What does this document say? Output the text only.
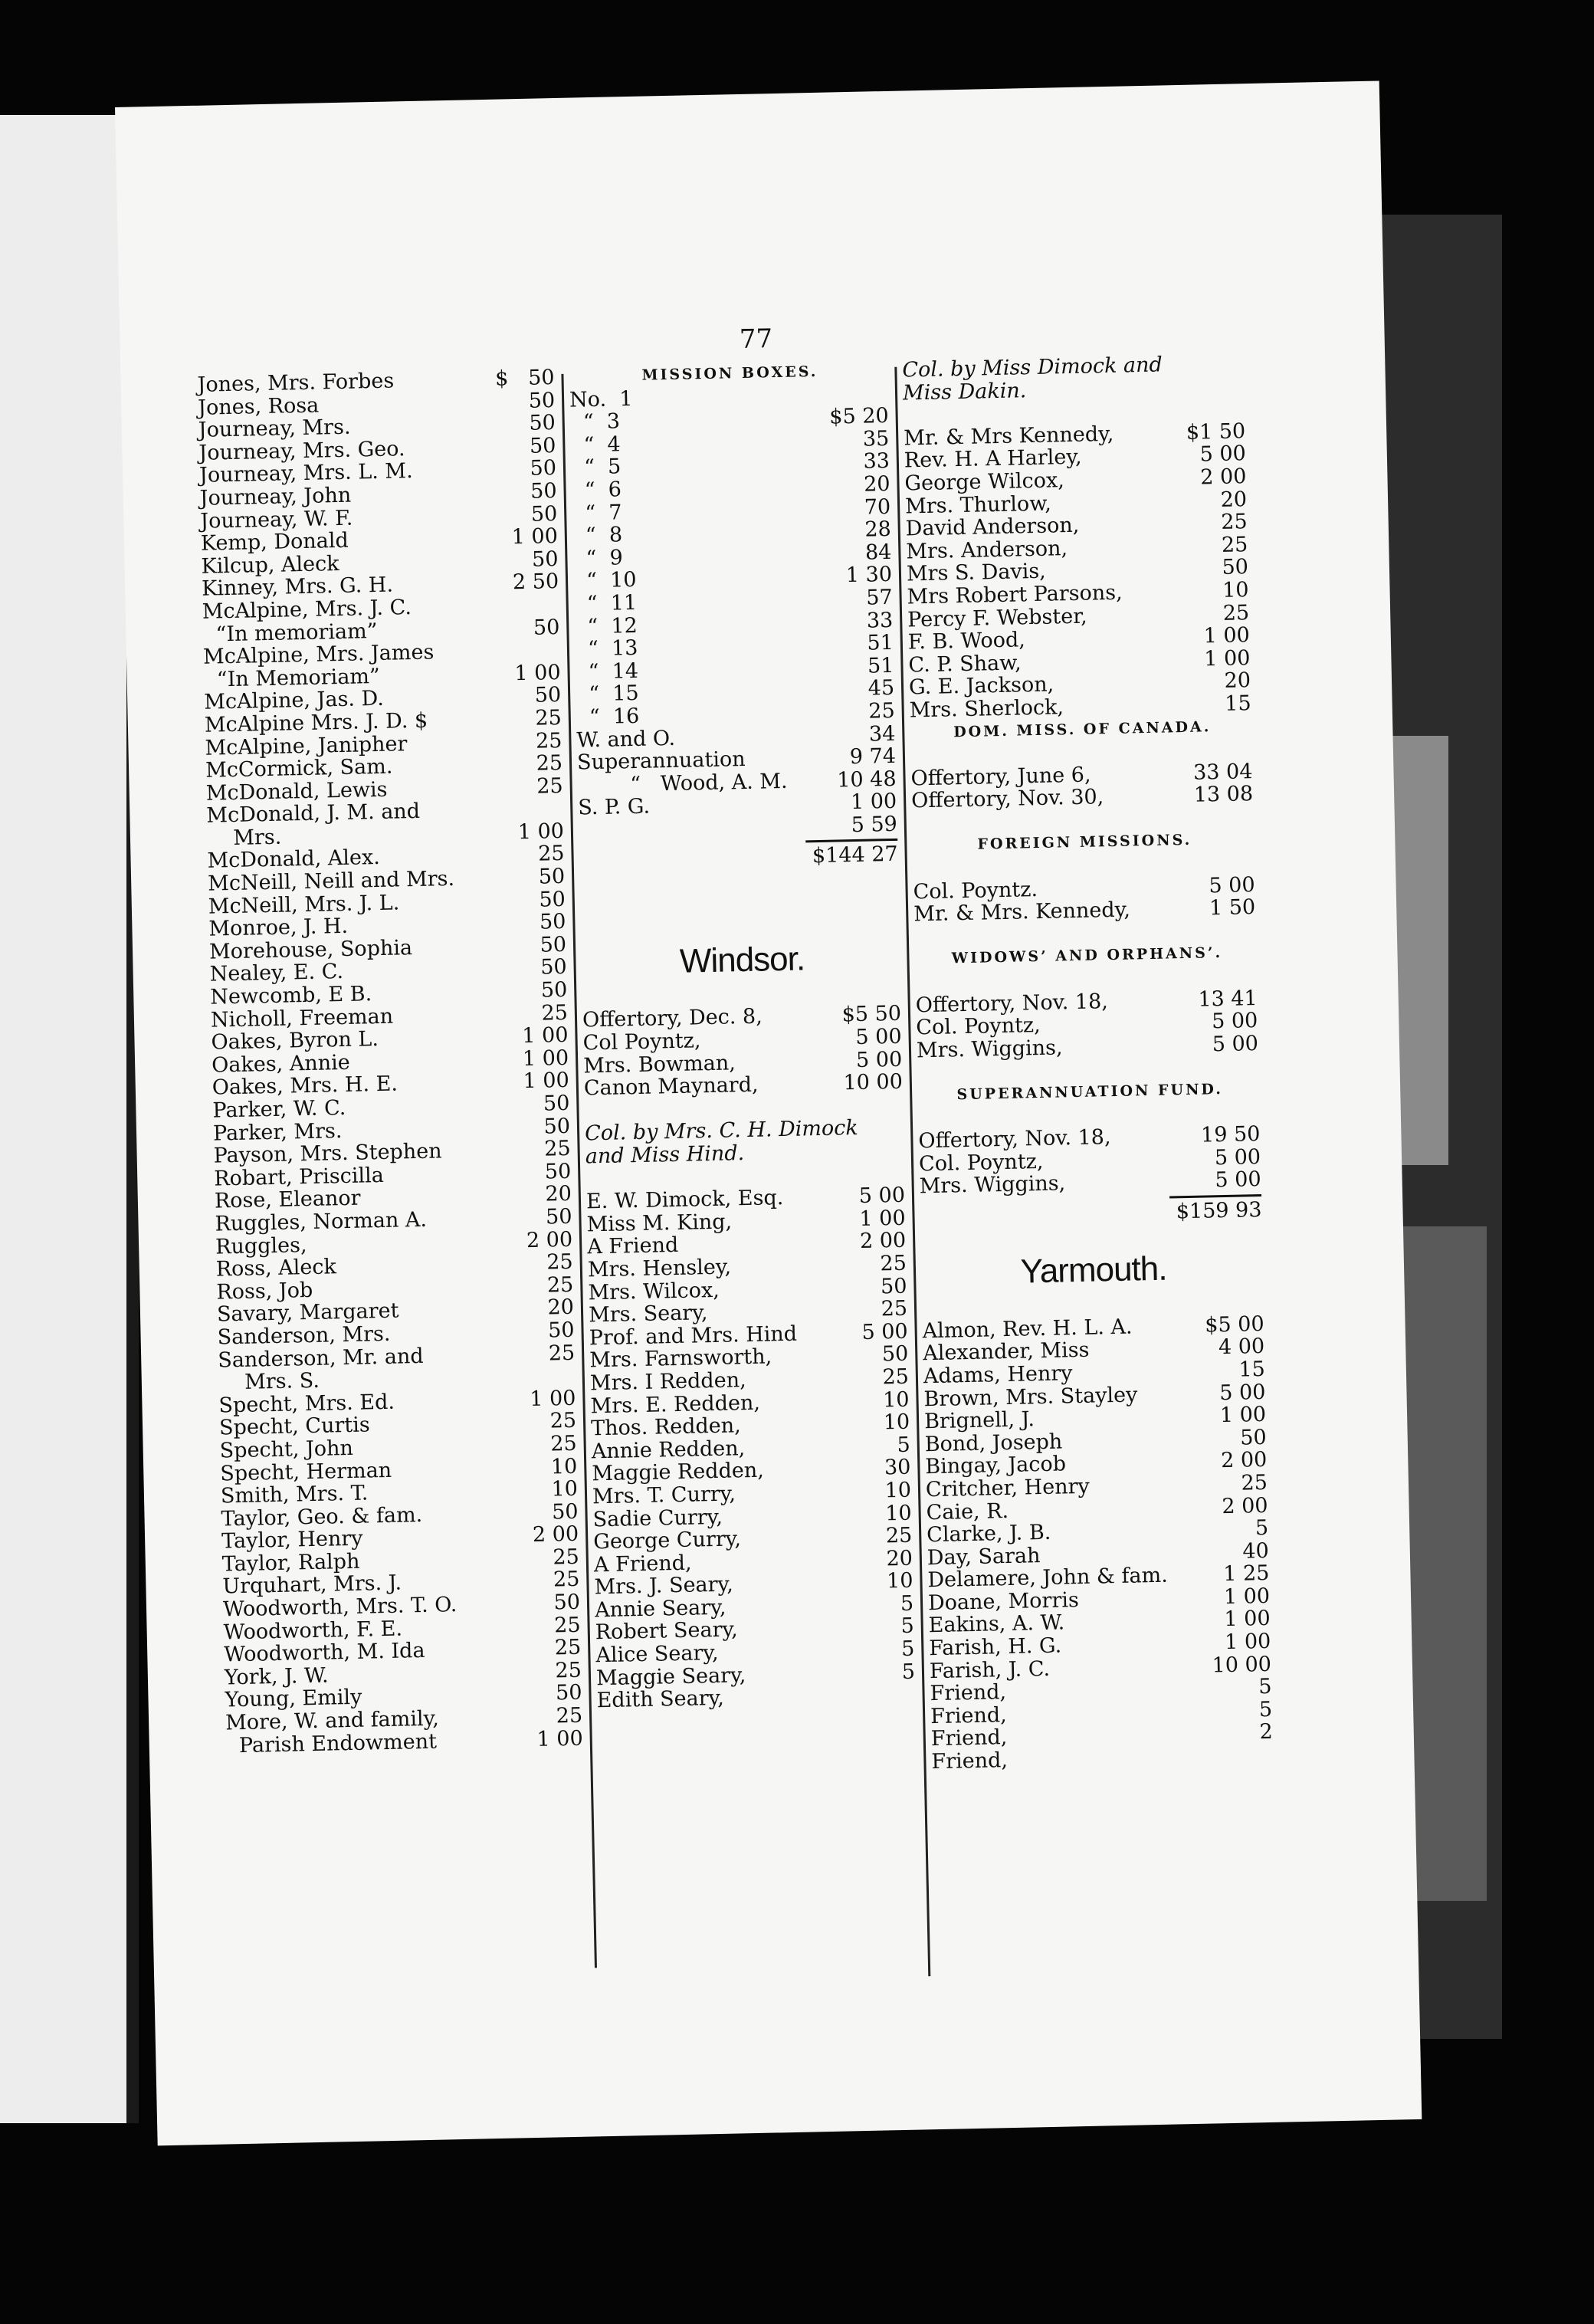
77
Jones, Mrs. Forbes	$   50
Jones, Rosa	50
Journeay, Mrs.	50
Journeay, Mrs. Geo.	50
Journeay, Mrs. L. M.	50
Journeay, John	50
Journeay, W. F.	50
Kemp, Donald	1 00
Kilcup, Aleck	50
Kinney, Mrs. G. H.	2 50
McAlpine, Mrs. J. C.
“In memoriam”	50
McAlpine, Mrs. James
“In Memoriam”	1 00
McAlpine, Jas. D.	50
McAlpine Mrs. J. D. $	25
McAlpine, Janipher	25
McCormick, Sam.	25
McDonald, Lewis	25
McDonald, J. M. and
Mrs.	1 00
McDonald, Alex.	25
McNeill, Neill and Mrs.	50
McNeill, Mrs. J. L.	50
Monroe, J. H.	50
Morehouse, Sophia	50
Nealey, E. C.	50
Newcomb, E B.	50
Nicholl, Freeman	25
Oakes, Byron L.	1 00
Oakes, Annie	1 00
Oakes, Mrs. H. E.	1 00
Parker, W. C.	50
Parker, Mrs.	50
Payson, Mrs. Stephen	25
Robart, Priscilla	50
Rose, Eleanor	20
Ruggles, Norman A.	50
Ruggles,	2 00
Ross, Aleck	25
Ross, Job	25
Savary, Margaret	20
Sanderson, Mrs.	50
Sanderson, Mr. and	25
Mrs. S.
Specht, Mrs. Ed.	1 00
Specht, Curtis	25
Specht, John	25
Specht, Herman	10
Smith, Mrs. T.	10
Taylor, Geo. & fam.	50
Taylor, Henry	2 00
Taylor, Ralph	25
Urquhart, Mrs. J.	25
Woodworth, Mrs. T. O.	50
Woodworth, F. E.	25
Woodworth, M. Ida	25
York, J. W.	25
Young, Emily	50
More, W. and family,	25
Parish Endowment	1 00
MISSION BOXES.
No.  1
“  3	$5 20
“  4	35
“  5	33
“  6	20
“  7	70
“  8	28
“  9	84
“  10	1 30
“  11	57
“  12	33
“  13	51
“  14	51
“  15	45
“  16	25
W. and O.	34
Superannuation	9 74
“   Wood, A. M. 10 48
S. P. G.	1 00
5 59
$144 27
Windsor.
Offertory, Dec. 8,	$5 50
Col Poyntz,	5 00
Mrs. Bowman,	5 00
Canon Maynard,	10 00
Col. by Mrs. C. H. Dimock
and Miss Hind.
E. W. Dimock, Esq.	5 00
Miss M. King,	1 00
A Friend	2 00
Mrs. Hensley,	25
Mrs. Wilcox,	50
Mrs. Seary,	25
Prof. and Mrs. Hind	5 00
Mrs. Farnsworth,	50
Mrs. I Redden,	25
Mrs. E. Redden,	10
Thos. Redden,	10
Annie Redden,	5
Maggie Redden,	30
Mrs. T. Curry,	10
Sadie Curry,	10
George Curry,	25
A Friend,	20
Mrs. J. Seary,	10
Annie Seary,	5
Robert Seary,	5
Alice Seary,	5
Maggie Seary,	5
Edith Seary,
Col. by Miss Dimock and
Miss Dakin.
Mr. & Mrs Kennedy,	$1 50
Rev. H. A Harley,	5 00
George Wilcox,	2 00
Mrs. Thurlow,	20
David Anderson,	25
Mrs. Anderson,	25
Mrs S. Davis,	50
Mrs Robert Parsons,	10
Percy F. Webster,	25
F. B. Wood,	1 00
C. P. Shaw,	1 00
G. E. Jackson,	20
Mrs. Sherlock,	15
DOM. MISS. OF CANADA.
Offertory, June 6,	33 04
Offertory, Nov. 30,	13 08
FOREIGN MISSIONS.
Col. Poyntz.	5 00
Mr. & Mrs. Kennedy,	1 50
WIDOWS’ AND ORPHANS’.
Offertory, Nov. 18,	13 41
Col. Poyntz,	5 00
Mrs. Wiggins,	5 00
SUPERANNUATION FUND.
Offertory, Nov. 18,	19 50
Col. Poyntz,	5 00
Mrs. Wiggins,	5 00
$159 93
Yarmouth.
Almon, Rev. H. L. A.	$5 00
Alexander, Miss	4 00
Adams, Henry	15
Brown, Mrs. Stayley	5 00
Brignell, J.	1 00
Bond, Joseph	50
Bingay, Jacob	2 00
Critcher, Henry	25
Caie, R.	2 00
Clarke, J. B.	5
Day, Sarah	40
Delamere, John & fam.	1 25
Doane, Morris	1 00
Eakins, A. W.	1 00
Farish, H. G.	1 00
Farish, J. C.	10 00
Friend,	5
Friend,	5
Friend,	2
Friend,
